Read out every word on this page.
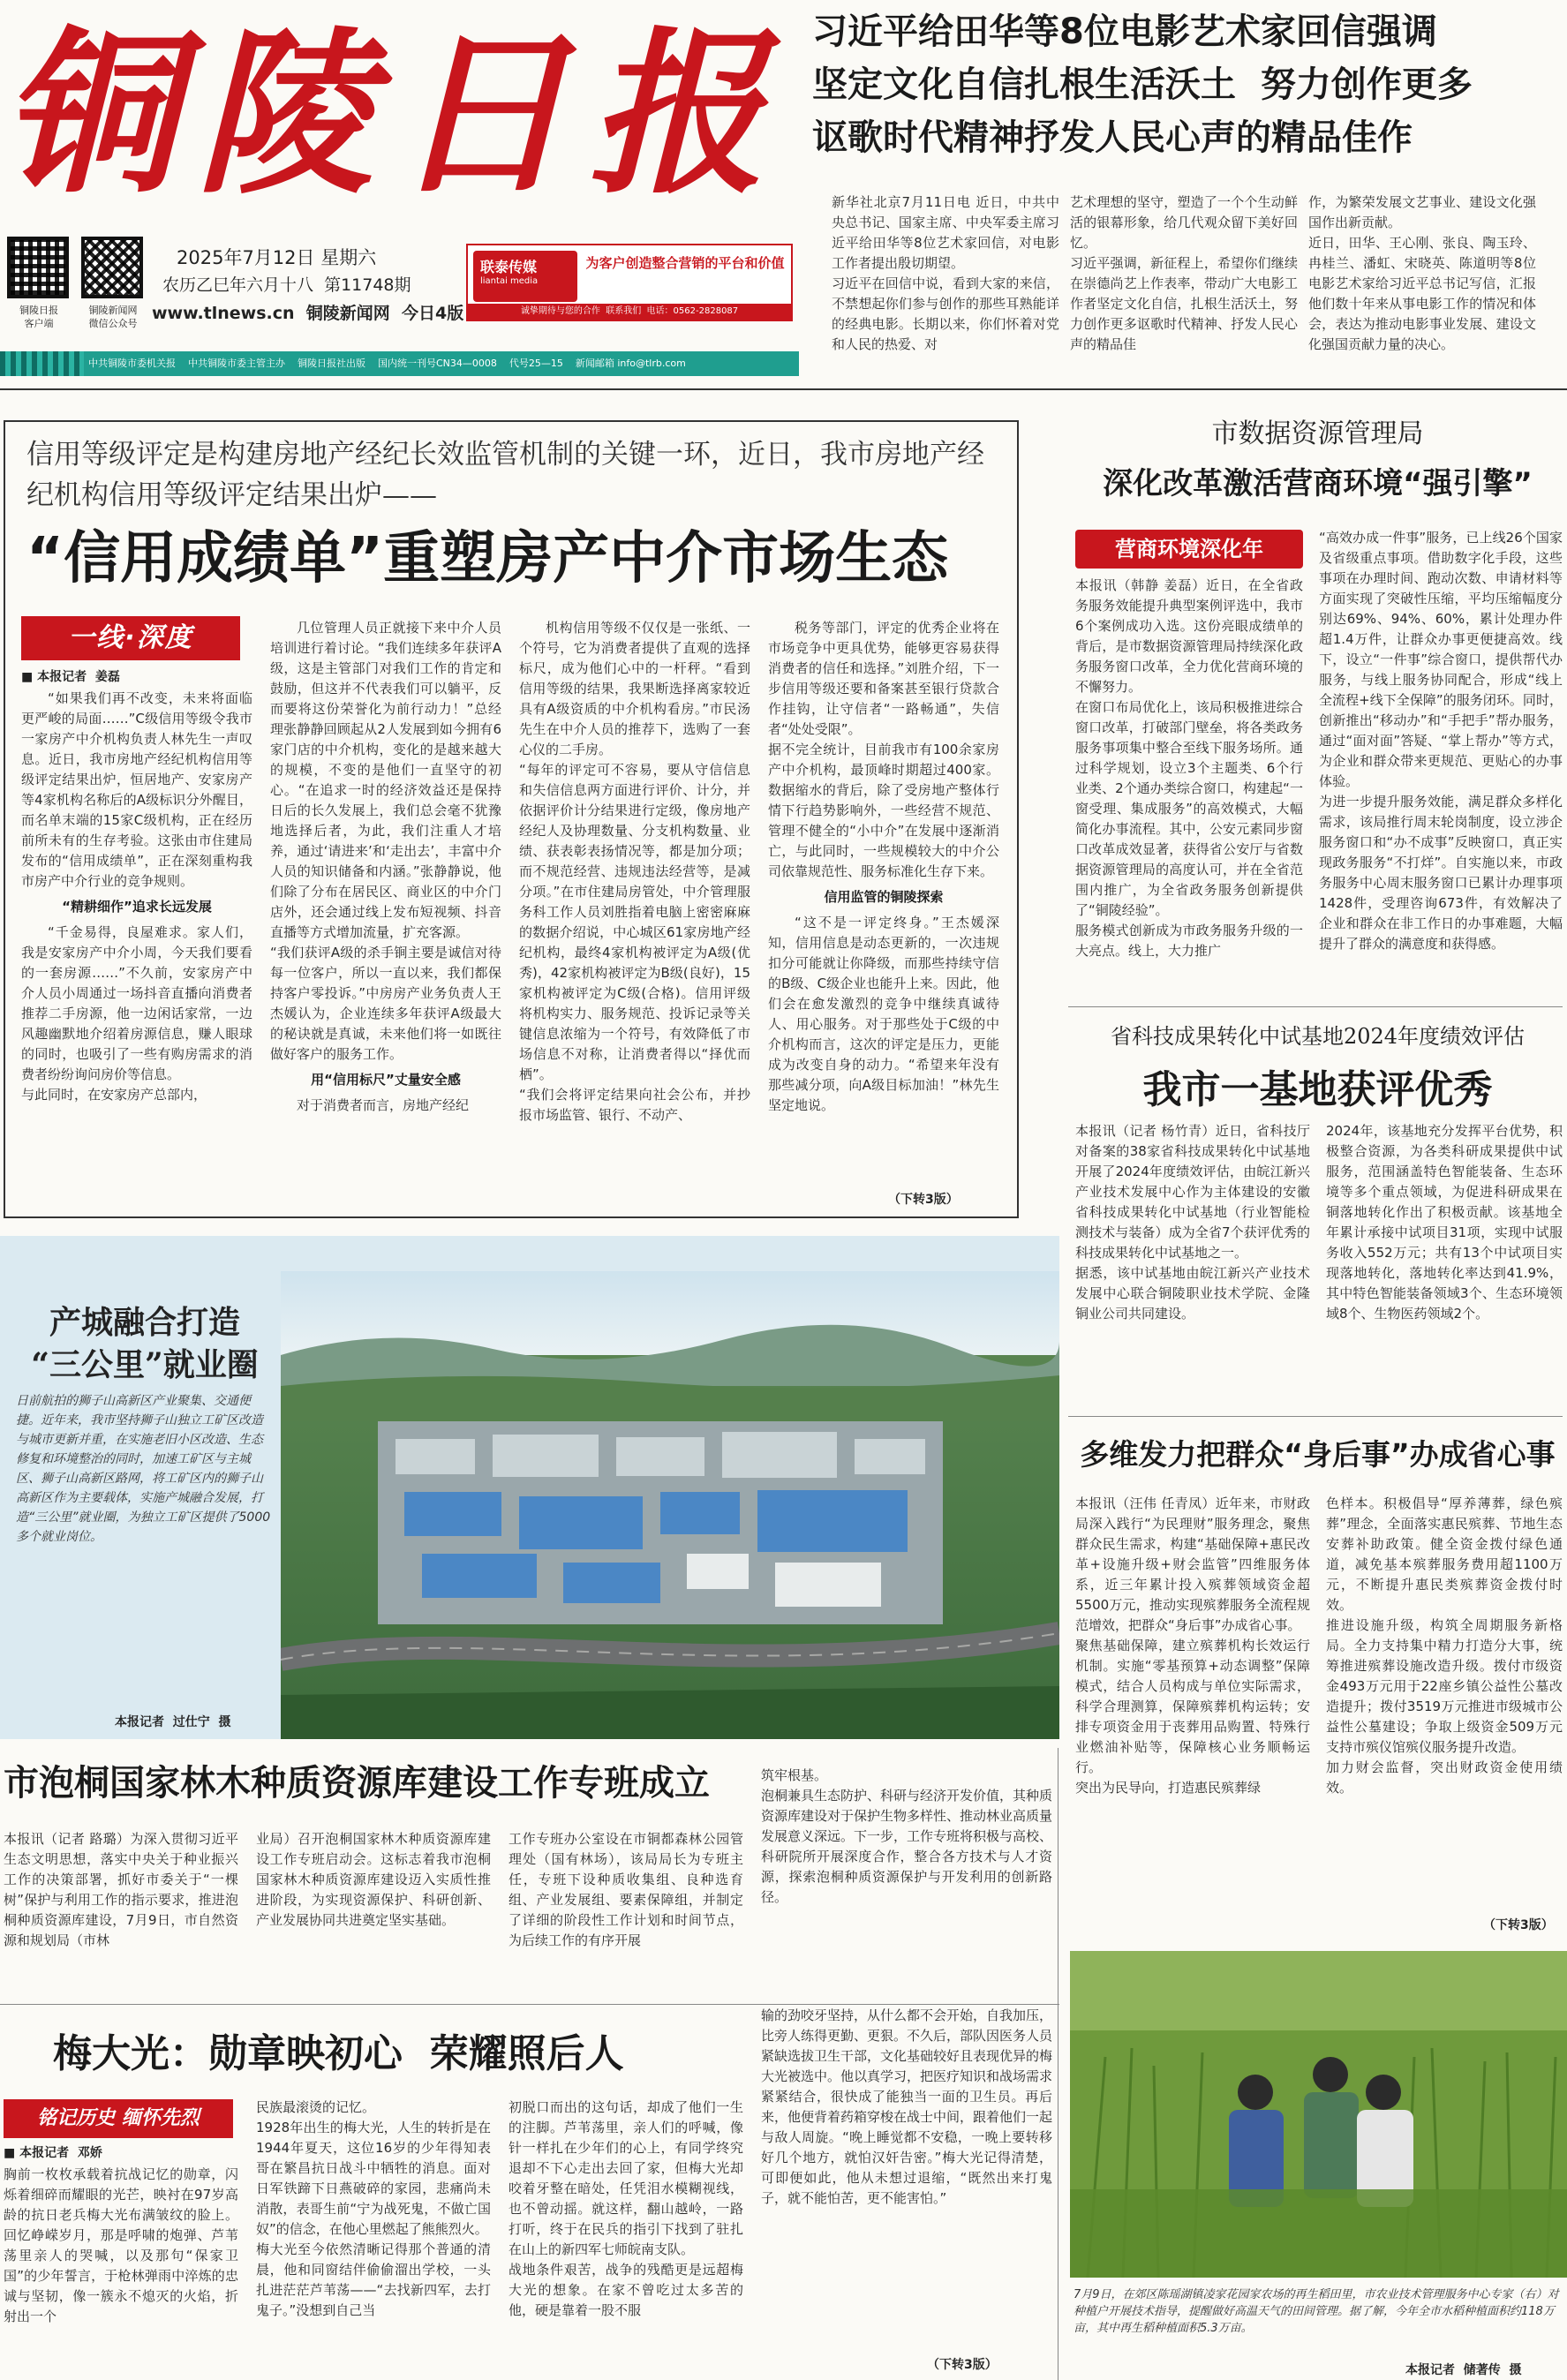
铜陵日报
铜陵日报
客户端
铜陵新闻网
微信公众号
2025年7月12日 星期六
农历乙巳年六月十八  第11748期
www.tlnews.cn  铜陵新闻网  今日4版
联泰传媒
liantai media
为客户创造整合营销的平台和价值
诚挚期待与您的合作  联系我们  电话：0562-2828087
中共铜陵市委机关报    中共铜陵市委主管主办    铜陵日报社出版    国内统一刊号CN34—0008    代号25—15    新闻邮箱 info@tlrb.com
习近平给田华等8位电影艺术家回信强调
坚定文化自信扎根生活沃土  努力创作更多
讴歌时代精神抒发人民心声的精品佳作
新华社北京7月11日电 近日，中共中央总书记、国家主席、中央军委主席习近平给田华等8位艺术家回信，对电影工作者提出殷切期望。
习近平在回信中说，看到大家的来信，不禁想起你们参与创作的那些耳熟能详的经典电影。长期以来，你们怀着对党和人民的热爱、对
艺术理想的坚守，塑造了一个个生动鲜活的银幕形象，给几代观众留下美好回忆。
习近平强调，新征程上，希望你们继续在崇德尚艺上作表率，带动广大电影工作者坚定文化自信，扎根生活沃土，努力创作更多讴歌时代精神、抒发人民心声的精品佳
作，为繁荣发展文艺事业、建设文化强国作出新贡献。
近日，田华、王心刚、张良、陶玉玲、冉桂兰、潘虹、宋晓英、陈道明等8位电影艺术家给习近平总书记写信，汇报他们数十年来从事电影工作的情况和体会，表达为推动电影事业发展、建设文化强国贡献力量的决心。
信用等级评定是构建房地产经纪长效监管机制的关键一环，近日，我市房地产经纪机构信用等级评定结果出炉——
“信用成绩单”重塑房产中介市场生态
一线·深度
■ 本报记者  姜磊

“如果我们再不改变，未来将面临更严峻的局面……”C级信用等级令我市一家房产中介机构负责人林先生一声叹息。近日，我市房地产经纪机构信用等级评定结果出炉，恒居地产、安家房产等4家机构名称后的A级标识分外醒目，而名单末端的15家C级机构，正在经历前所未有的生存考验。这张由市住建局发布的“信用成绩单”，正在深刻重构我市房产中介行业的竞争规则。

“精耕细作”追求长远发展

“千金易得，良屋难求。家人们，我是安家房产中介小周，今天我们要看的一套房源……”不久前，安家房产中介人员小周通过一场抖音直播向消费者推荐二手房源，他一边闲话家常，一边风趣幽默地介绍着房源信息，赚人眼球的同时，也吸引了一些有购房需求的消费者纷纷询问房价等信息。
与此同时，在安家房产总部内，

几位管理人员正就接下来中介人员培训进行着讨论。“我们连续多年获评A级，这是主管部门对我们工作的肯定和鼓励，但这并不代表我们可以躺平，反而要将这份荣誉化为前行动力！”总经理张静静回顾起从2人发展到如今拥有6家门店的中介机构，变化的是越来越大的规模，不变的是他们一直坚守的初心。“在追求一时的经济效益还是保持日后的长久发展上，我们总会毫不犹豫地选择后者，为此，我们注重人才培养，通过‘请进来’和‘走出去’，丰富中介人员的知识储备和内涵。”张静静说，他们除了分布在居民区、商业区的中介门店外，还会通过线上发布短视频、抖音直播等方式增加流量，扩充客源。
“我们获评A级的杀手锏主要是诚信对待每一位客户，所以一直以来，我们都保持客户零投诉。”中房房产业务负责人王杰媛认为，企业连续多年获评A级最大的秘诀就是真诚，未来他们将一如既往做好客户的服务工作。

用“信用标尺”丈量安全感

对于消费者而言，房地产经纪

机构信用等级不仅仅是一张纸、一个符号，它为消费者提供了直观的选择标尺，成为他们心中的一杆秤。“看到信用等级的结果，我果断选择离家较近具有A级资质的中介机构看房。”市民汤先生在中介人员的推荐下，选购了一套心仪的二手房。
“每年的评定可不容易，要从守信信息和失信信息两方面进行评价、计分，并依据评价计分结果进行定级，像房地产经纪人及协理数量、分支机构数量、业绩、获表彰表扬情况等，都是加分项；而不规范经营、违规违法经营等，是减分项。”在市住建局房管处，中介管理服务科工作人员刘胜指着电脑上密密麻麻的数据介绍说，中心城区61家房地产经纪机构，最终4家机构被评定为A级(优秀)，42家机构被评定为B级(良好)，15家机构被评定为C级(合格)。信用评级将机构实力、服务规范、投诉记录等关键信息浓缩为一个符号，有效降低了市场信息不对称，让消费者得以“择优而栖”。
“我们会将评定结果向社会公布，并抄报市场监管、银行、不动产、

税务等部门，评定的优秀企业将在市场竞争中更具优势，能够更容易获得消费者的信任和选择。”刘胜介绍，下一步信用等级还要和备案甚至银行贷款合作挂钩，让守信者“一路畅通”，失信者“处处受限”。
据不完全统计，目前我市有100余家房产中介机构，最顶峰时期超过400家。数据缩水的背后，除了受房地产整体行情下行趋势影响外，一些经营不规范、管理不健全的“小中介”在发展中逐渐消亡，与此同时，一些规模较大的中介公司依靠规范性、服务标准化生存下来。

信用监管的铜陵探索

“这不是一评定终身。”王杰媛深知，信用信息是动态更新的，一次违规扣分可能就让你降级，而那些持续守信的B级、C级企业也能升上来。因此，他们会在愈发激烈的竞争中继续真诚待人、用心服务。对于那些处于C级的中介机构而言，这次的评定是压力，更能成为改变自身的动力。“希望来年没有那些减分项，向A级目标加油！”林先生坚定地说。

（下转3版）
市数据资源管理局
深化改革激活营商环境“强引擎”
营商环境深化年
本报讯（韩静 姜磊）近日，在全省政务服务效能提升典型案例评选中，我市6个案例成功入选。这份亮眼成绩单的背后，是市数据资源管理局持续深化政务服务窗口改革，全力优化营商环境的不懈努力。
在窗口布局优化上，该局积极推进综合窗口改革，打破部门壁垒，将各类政务服务事项集中整合至线下服务场所。通过科学规划，设立3个主题类、6个行业类、2个通办类综合窗口，构建起“一窗受理、集成服务”的高效模式，大幅简化办事流程。其中，公安元素同步窗口改革成效显著，获得省公安厅与省数据资源管理局的高度认可，并在全省范围内推广，为全省政务服务创新提供了“铜陵经验”。
服务模式创新成为市政务服务升级的一大亮点。线上，大力推广
“高效办成一件事”服务，已上线26个国家及省级重点事项。借助数字化手段，这些事项在办理时间、跑动次数、申请材料等方面实现了突破性压缩，平均压缩幅度分别达69%、94%、60%，累计处理办件超1.4万件，让群众办事更便捷高效。线下，设立“一件事”综合窗口，提供帮代办服务，与线上服务协同配合，形成“线上全流程+线下全保障”的服务闭环。同时，创新推出“移动办”和“手把手”帮办服务，通过“面对面”答疑、“掌上帮办”等方式，为企业和群众带来更规范、更贴心的办事体验。
为进一步提升服务效能，满足群众多样化需求，该局推行周末轮岗制度，设立涉企服务窗口和“办不成事”反映窗口，真正实现政务服务“不打烊”。自实施以来，市政务服务中心周末服务窗口已累计办理事项1428件，受理咨询673件，有效解决了企业和群众在非工作日的办事难题，大幅提升了群众的满意度和获得感。
省科技成果转化中试基地2024年度绩效评估
我市一基地获评优秀
本报讯（记者 杨竹青）近日，省科技厅对备案的38家省科技成果转化中试基地开展了2024年度绩效评估，由皖江新兴产业技术发展中心作为主体建设的安徽省科技成果转化中试基地（行业智能检测技术与装备）成为全省7个获评优秀的科技成果转化中试基地之一。
据悉，该中试基地由皖江新兴产业技术发展中心联合铜陵职业技术学院、金隆铜业公司共同建设。
2024年，该基地充分发挥平台优势，积极整合资源，为各类科研成果提供中试服务，范围涵盖特色智能装备、生态环境等多个重点领域，为促进科研成果在铜落地转化作出了积极贡献。该基地全年累计承接中试项目31项，实现中试服务收入552万元；共有13个中试项目实现落地转化，落地转化率达到41.9%，其中特色智能装备领域3个、生态环境领域8个、生物医药领域2个。
产城融合打造
“三公里”就业圈
日前航拍的狮子山高新区产业聚集、交通便捷。近年来，我市坚持狮子山独立工矿区改造与城市更新并重，在实施老旧小区改造、生态修复和环境整治的同时，加速工矿区与主城区、狮子山高新区路网，将工矿区内的狮子山高新区作为主要载体，实施产城融合发展，打造“三公里”就业圈，为独立工矿区提供了5000多个就业岗位。
本报记者  过仕宁  摄
多维发力把群众“身后事”办成省心事
本报讯（汪伟 任青凤）近年来，市财政局深入践行“为民理财”服务理念，聚焦群众民生需求，构建“基础保障+惠民改革+设施升级+财会监管”四维服务体系，近三年累计投入殡葬领域资金超5500万元，推动实现殡葬服务全流程规范增效，把群众“身后事”办成省心事。
聚焦基础保障，建立殡葬机构长效运行机制。实施“零基预算+动态调整”保障模式，结合人员构成与单位实际需求，科学合理测算，保障殡葬机构运转；安排专项资金用于丧葬用品购置、特殊行业燃油补贴等，保障核心业务顺畅运行。
突出为民导向，打造惠民殡葬绿
色样本。积极倡导“厚养薄葬，绿色殡葬”理念，全面落实惠民殡葬、节地生态安葬补助政策。健全资金拨付绿色通道，减免基本殡葬服务费用超1100万元，不断提升惠民类殡葬资金拨付时效。
推进设施升级，构筑全周期服务新格局。全力支持集中精力打造分大事，统筹推进殡葬设施改造升级。拨付市级资金493万元用于22座乡镇公益性公墓改造提升；拨付3519万元推进市级城市公益性公墓建设；争取上级资金509万元支持市殡仪馆殡仪服务提升改造。
加力财会监督，突出财政资金使用绩效。
（下转3版）
市泡桐国家林木种质资源库建设工作专班成立
本报讯（记者 路璐）为深入贯彻习近平生态文明思想，落实中央关于种业振兴工作的决策部署，抓好市委关于“一棵树”保护与利用工作的指示要求，推进泡桐种质资源库建设，7月9日，市自然资源和规划局（市林
业局）召开泡桐国家林木种质资源库建设工作专班启动会。这标志着我市泡桐国家林木种质资源库建设迈入实质性推进阶段，为实现资源保护、科研创新、产业发展协同共进奠定坚实基础。
工作专班办公室设在市铜都森林公园管理处（国有林场），该局局长为专班主任，专班下设种质收集组、良种选育组、产业发展组、要素保障组，并制定了详细的阶段性工作计划和时间节点，为后续工作的有序开展
筑牢根基。
泡桐兼具生态防护、科研与经济开发价值，其种质资源库建设对于保护生物多样性、推动林业高质量发展意义深远。下一步，工作专班将积极与高校、科研院所开展深度合作，整合各方技术与人才资源，探索泡桐种质资源保护与开发利用的创新路径。
梅大光：勋章映初心  荣耀照后人
铭记历史 缅怀先烈
■ 本报记者  邓娇
胸前一枚枚承载着抗战记忆的勋章，闪烁着细碎而耀眼的光芒，映衬在97岁高龄的抗日老兵梅大光布满皱纹的脸上。回忆峥嵘岁月，那是呼啸的炮弹、芦苇荡里亲人的哭喊，以及那句“保家卫国”的少年誓言，于枪林弹雨中淬炼的忠诚与坚韧，像一簇永不熄灭的火焰，折射出一个
民族最滚烫的记忆。
1928年出生的梅大光，人生的转折是在1944年夏天，这位16岁的少年得知表哥在繁昌抗日战斗中牺牲的消息。面对日军铁蹄下日燕破碎的家园，悲痛尚未消散，表哥生前“宁为战死鬼，不做亡国奴”的信念，在他心里燃起了熊熊烈火。
梅大光至今依然清晰记得那个普通的清晨，他和同窗结伴偷偷溜出学校，一头扎进茫茫芦苇荡——“去找新四军，去打鬼子。”没想到自己当
初脱口而出的这句话，却成了他们一生的注脚。芦苇荡里，亲人们的呼喊，像针一样扎在少年们的心上，有同学终究退却不下心走出去回了家，但梅大光却咬着牙整在暗处，任凭泪水模糊视线，也不曾动摇。就这样，翻山越岭，一路打听，终于在民兵的指引下找到了驻扎在山上的新四军七师皖南支队。
战地条件艰苦，战争的残酷更是远超梅大光的想象。在家不曾吃过太多苦的他，硬是靠着一股不服
输的劲咬牙坚持，从什么都不会开始，自我加压，比旁人练得更勤、更狠。不久后，部队因医务人员紧缺选拔卫生干部，文化基础较好且表现优异的梅大光被选中。他以真学习，把医疗知识和战场需求紧紧结合，很快成了能独当一面的卫生员。再后来，他便背着药箱穿梭在战士中间，跟着他们一起与敌人周旋。“晚上睡觉都不安稳，一晚上要转移好几个地方，就怕汉奸告密。”梅大光记得清楚，可即便如此，他从未想过退缩，“既然出来打鬼子，就不能怕苦，更不能害怕。”
（下转3版）
7月9日，在郊区陈瑶湖镇凌家花园家农场的再生稻田里，市农业技术管理服务中心专家（右）对种植户开展技术指导，提醒做好高温天气的田间管理。据了解，今年全市水稻种植面积约118万亩，其中再生稻种植面积5.3万亩。
本报记者  储著传  摄
